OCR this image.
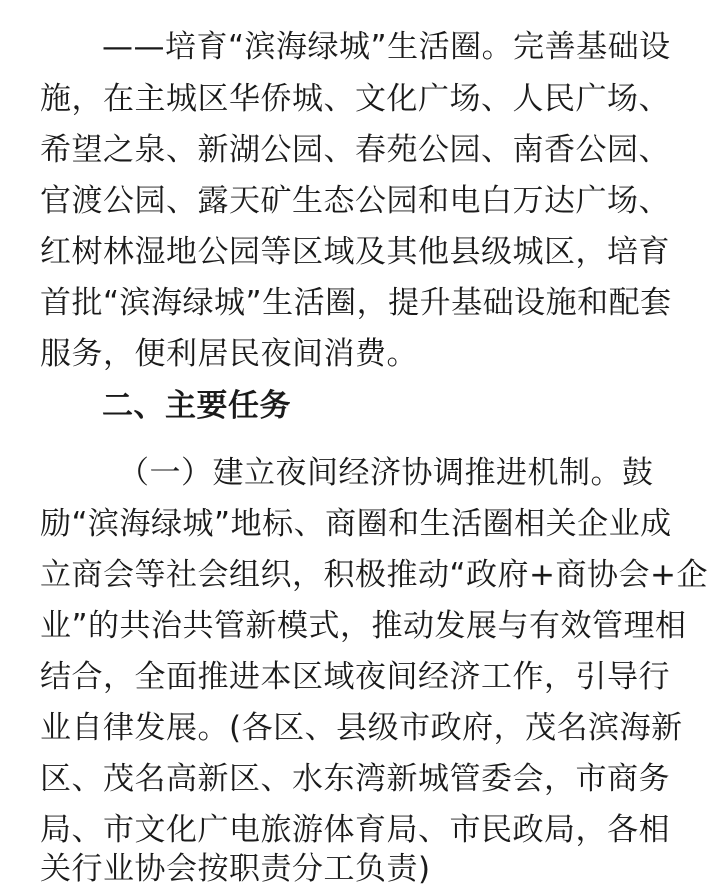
——培育“滨海绿城”生活圈。完善基础设

施，在主城区华侨城、文化广场、人民广场、

希望之泉、新湖公园、春苑公园、南香公园、

官渡公园、露天矿生态公园和电白万达广场、

红树林湿地公园等区域及其他县级城区，培育

首批“滨海绿城”生活圈，提升基础设施和配套

服务，便利居民夜间消费。

二、主要任务

（一）建立夜间经济协调推进机制。鼓

励“滨海绿城”地标、商圈和生活圈相关企业成

立商会等社会组织，积极推动“政府+商协会+企

业”的共治共管新模式，推动发展与有效管理相

结合，全面推进本区域夜间经济工作，引导行

业自律发展。(各区、县级市政府，茂名滨海新

区、茂名高新区、水东湾新城管委会，市商务

局、市文化广电旅游体育局、市民政局，各相

关行业协会按职责分工负责)
